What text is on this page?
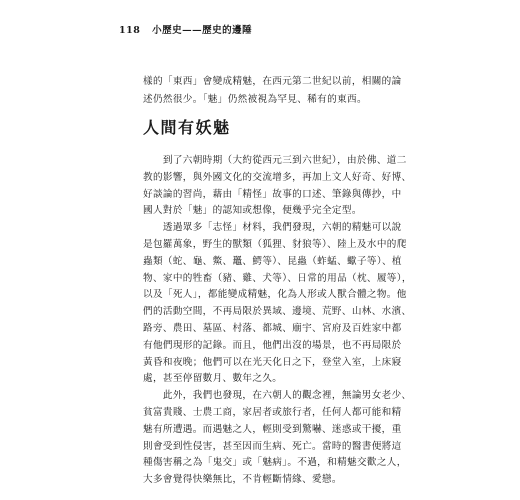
118 小歷史——歷史的邊陲
樣的「東西」會變成精魅，在西元第二世紀以前，相關的論
述仍然很少。「魅」仍然被視為罕見、稀有的東西。
人間有妖魅
　　到了六朝時期（大約從西元三到六世紀），由於佛、道二
教的影響，與外國文化的交流增多，再加上文人好奇、好博、
好談論的習尚，藉由「精怪」故事的口述、筆錄與傳抄，中
國人對於「魅」的認知或想像，便幾乎完全定型。
　　透過眾多「志怪」材料，我們發現，六朝的精魅可以說
是包羅萬象，野生的獸類（狐狸、豺狼等）、陸上及水中的爬
蟲類（蛇、龜、鱉、鼉、鰐等）、昆蟲（蚱蜢、蠍子等）、植
物、家中的牲畜（豬、雞、犬等）、日常的用品（枕、履等），
以及「死人」，都能變成精魅，化為人形或人獸合體之物。他
們的活動空間，不再局限於異域、邊境、荒野、山林、水濱、
路旁、農田、墓區、村落、都城、廟宇、宮府及百姓家中都
有他們現形的記錄。而且，他們出沒的場景，也不再局限於
黃昏和夜晚；他們可以在光天化日之下，登堂入室，上床寢
處，甚至停留數月、數年之久。
　　此外，我們也發現，在六朝人的觀念裡，無論男女老少、
貧富貴賤、士農工商，家居者或旅行者，任何人都可能和精
魅有所遭遇。而遇魅之人，輕則受到驚嚇、迷惑或干擾，重
則會受到性侵害，甚至因而生病、死亡。當時的醫書便將這
種傷害稱之為「鬼交」或「魅病」。不過，和精魅交歡之人，
大多會覺得快樂無比，不肯輕斷情緣、愛戀。
